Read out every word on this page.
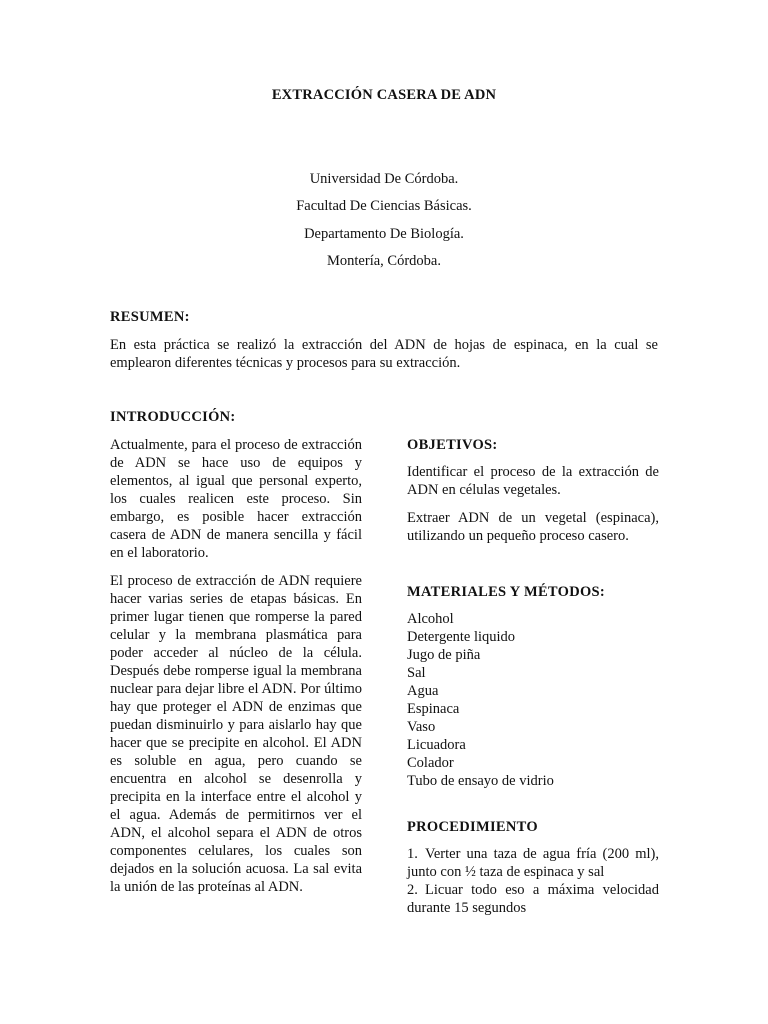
EXTRACCIÓN CASERA DE ADN
Universidad De Córdoba.
Facultad De Ciencias Básicas.
Departamento De Biología.
Montería, Córdoba.
RESUMEN:
En esta práctica se realizó la extracción del ADN de hojas de espinaca, en la cual se emplearon diferentes técnicas y procesos para su extracción.
INTRODUCCIÓN:
Actualmente, para el proceso de extracción de ADN se hace uso de equipos y elementos, al igual que personal experto, los cuales realicen este proceso. Sin embargo, es posible hacer extracción casera de ADN de manera sencilla y fácil en el laboratorio.
El proceso de extracción de ADN requiere hacer varias series de etapas básicas. En primer lugar tienen que romperse la pared celular y la membrana plasmática para poder acceder al núcleo de la célula. Después debe romperse igual la membrana nuclear para dejar libre el ADN. Por último hay que proteger el ADN de enzimas que puedan disminuirlo y para aislarlo hay que hacer que se precipite en alcohol. El ADN es soluble en agua, pero cuando se encuentra en alcohol se desenrolla y precipita en la interface entre el alcohol y el agua. Además de permitirnos ver el ADN, el alcohol separa el ADN de otros componentes celulares, los cuales son dejados en la solución acuosa. La sal evita la unión de las proteínas al ADN.
OBJETIVOS:
Identificar el proceso de la extracción de ADN en células vegetales.
Extraer ADN de un vegetal (espinaca), utilizando un pequeño proceso casero.
MATERIALES Y MÉTODOS:
Alcohol
Detergente liquido
Jugo de piña
Sal
Agua
Espinaca
Vaso
Licuadora
Colador
Tubo de ensayo de vidrio
PROCEDIMIENTO
1. Verter una taza de agua fría (200 ml), junto con ½ taza de espinaca y sal
2. Licuar todo eso a máxima velocidad durante 15 segundos
